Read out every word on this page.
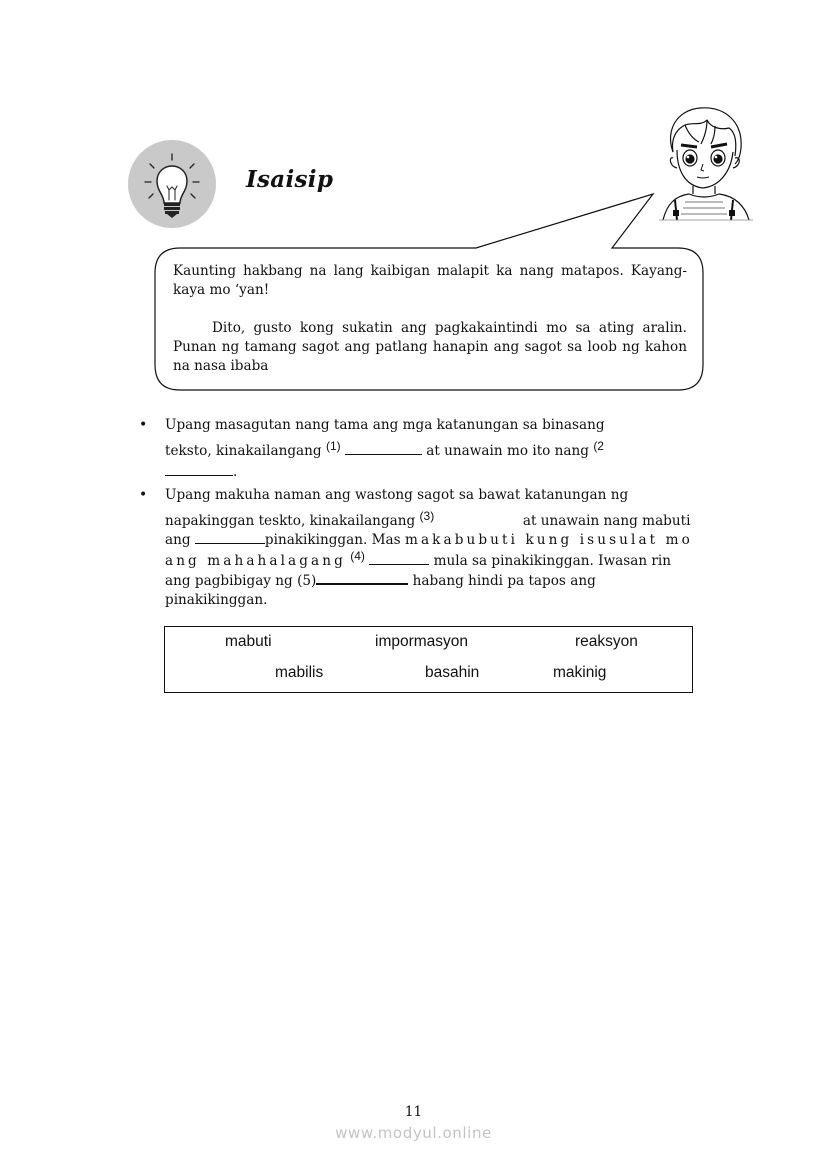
Isaisip

Kaunting hakbang na lang kaibigan malapit ka nang matapos. Kayang-kaya mo ‘yan!

Dito, gusto kong sukatin ang pagkakaintindi mo sa ating aralin. Punan ng tamang sagot ang patlang hanapin ang sagot sa loob ng kahon na nasa ibaba

• Upang masagutan nang tama ang mga katanungan sa binasang
teksto, kinakailangang $^{(1)}$	at unawain mo ito nang $^{(2}$
.
• Upang makuha naman ang wastong sagot sa bawat katanungan ng
napakinggan teskto, kinakailangang $^{(3)}$	at unawain nang mabuti
ang	pinakikinggan. Mas makabubuti kung isusulat mo
ang mahahalagang $^{(4)}$	mula sa pinakikinggan. Iwasan rin
ang pagbibigay ng (5)	habang hindi pa tapos ang
pinakikinggan.
mabuti	impormasyon	reaksyon
mabilis	basahin	makinig
11
www.modyul.online
